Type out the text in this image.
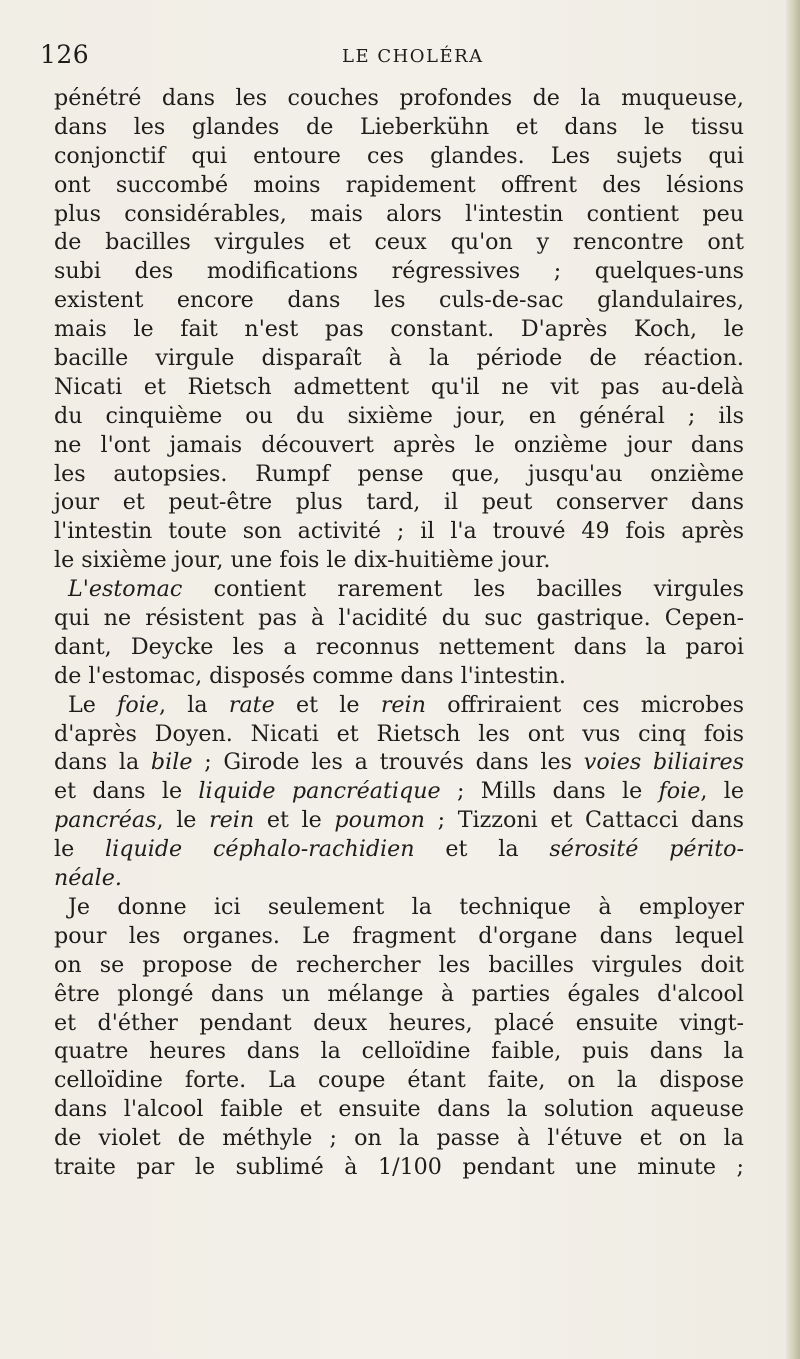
126	LE CHOLÉRA
pénétré dans les couches profondes de la muqueuse,
dans les glandes de Lieberkühn et dans le tissu
conjonctif qui entoure ces glandes. Les sujets qui
ont succombé moins rapidement offrent des lésions
plus considérables, mais alors l'intestin contient peu
de bacilles virgules et ceux qu'on y rencontre ont
subi des modifications régressives ; quelques-uns
existent encore dans les culs-de-sac glandulaires,
mais le fait n'est pas constant. D'après Koch, le
bacille virgule disparaît à la période de réaction.
Nicati et Rietsch admettent qu'il ne vit pas au-delà
du cinquième ou du sixième jour, en général ; ils
ne l'ont jamais découvert après le onzième jour dans
les autopsies. Rumpf pense que, jusqu'au onzième
jour et peut-être plus tard, il peut conserver dans
l'intestin toute son activité ; il l'a trouvé 49 fois après
le sixième jour, une fois le dix-huitième jour.
L'estomac contient rarement les bacilles virgules
qui ne résistent pas à l'acidité du suc gastrique. Cepen-
dant, Deycke les a reconnus nettement dans la paroi
de l'estomac, disposés comme dans l'intestin.
Le foie, la rate et le rein offriraient ces microbes
d'après Doyen. Nicati et Rietsch les ont vus cinq fois
dans la bile ; Girode les a trouvés dans les voies biliaires
et dans le liquide pancréatique ; Mills dans le foie, le
pancréas, le rein et le poumon ; Tizzoni et Cattacci dans
le liquide céphalo-rachidien et la sérosité périto-
néale.
Je donne ici seulement la technique à employer
pour les organes. Le fragment d'organe dans lequel
on se propose de rechercher les bacilles virgules doit
être plongé dans un mélange à parties égales d'alcool
et d'éther pendant deux heures, placé ensuite vingt-
quatre heures dans la celloïdine faible, puis dans la
celloïdine forte. La coupe étant faite, on la dispose
dans l'alcool faible et ensuite dans la solution aqueuse
de violet de méthyle ; on la passe à l'étuve et on la
traite par le sublimé à 1/100 pendant une minute ;
